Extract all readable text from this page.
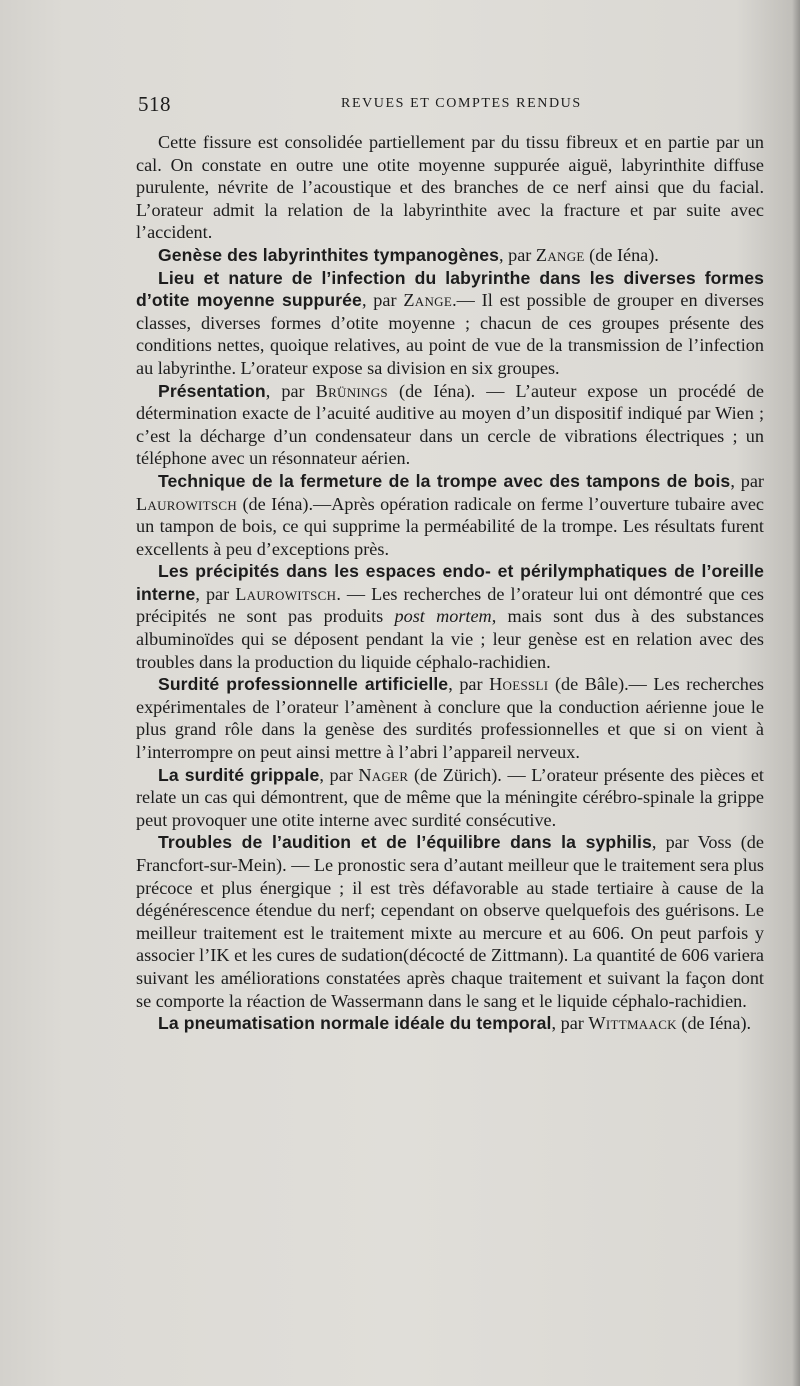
518	REVUES ET COMPTES RENDUS

Cette fissure est consolidée partiellement par du tissu fibreux et en partie par un cal. On constate en outre une otite moyenne suppurée aiguë, labyrinthite diffuse purulente, névrite de l’acoustique et des branches de ce nerf ainsi que du facial. L’orateur admit la relation de la labyrinthite avec la fracture et par suite avec l’accident.

Genèse des labyrinthites tympanogènes, par Zange (de Iéna).

Lieu et nature de l’infection du labyrinthe dans les diverses formes d’otite moyenne suppurée, par Zange.— Il est possible de grouper en diverses classes, diverses formes d’otite moyenne ; chacun de ces groupes présente des conditions nettes, quoique relatives, au point de vue de la transmission de l’infection au labyrinthe. L’orateur expose sa division en six groupes.

Présentation, par Brünings (de Iéna). — L’auteur expose un procédé de détermination exacte de l’acuité auditive au moyen d’un dispositif indiqué par Wien ; c’est la décharge d’un condensateur dans un cercle de vibrations électriques ; un téléphone avec un résonnateur aérien.

Technique de la fermeture de la trompe avec des tampons de bois, par Laurowitsch (de Iéna).—Après opération radicale on ferme l’ouverture tubaire avec un tampon de bois, ce qui supprime la perméabilité de la trompe. Les résultats furent excellents à peu d’exceptions près.

Les précipités dans les espaces endo- et périlymphatiques de l’oreille interne, par Laurowitsch. — Les recherches de l’orateur lui ont démontré que ces précipités ne sont pas produits post mortem, mais sont dus à des substances albuminoïdes qui se déposent pendant la vie ; leur genèse est en relation avec des troubles dans la production du liquide céphalo-rachidien.

Surdité professionnelle artificielle, par Hoessli (de Bâle).— Les recherches expérimentales de l’orateur l’amènent à conclure que la conduction aérienne joue le plus grand rôle dans la genèse des surdités professionnelles et que si on vient à l’interrompre on peut ainsi mettre à l’abri l’appareil nerveux.

La surdité grippale, par Nager (de Zürich). — L’orateur présente des pièces et relate un cas qui démontrent, que de même que la méningite cérébro-spinale la grippe peut provoquer une otite interne avec surdité consécutive.

Troubles de l’audition et de l’équilibre dans la syphilis, par Voss (de Francfort-sur-Mein). — Le pronostic sera d’autant meilleur que le traitement sera plus précoce et plus énergique ; il est très défavorable au stade tertiaire à cause de la dégénérescence étendue du nerf; cependant on observe quelquefois des guérisons. Le meilleur traitement est le traitement mixte au mercure et au 606. On peut parfois y associer l’IK et les cures de sudation(décocté de Zittmann). La quantité de 606 variera suivant les améliorations constatées après chaque traitement et suivant la façon dont se comporte la réaction de Wassermann dans le sang et le liquide céphalo-rachidien.

La pneumatisation normale idéale du temporal, par Wittmaack (de Iéna).
